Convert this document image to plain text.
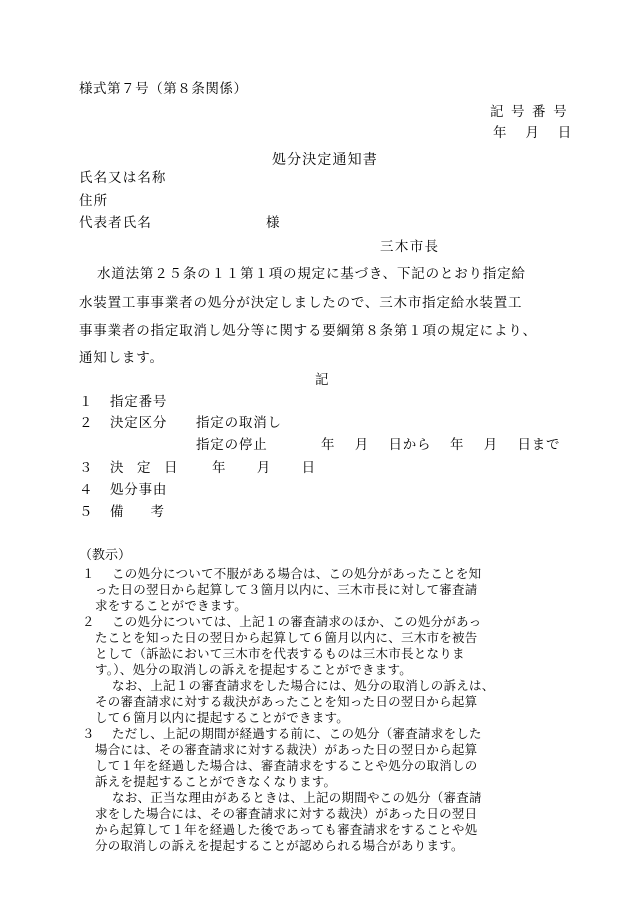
様式第７号（第８条関係）
記 号 番 号
年　月　日
処分決定通知書
氏名又は名称
住所
代表者氏名	様
三木市長
水道法第２５条の１１第１項の規定に基づき、下記のとおり指定給
水装置工事事業者の処分が決定しましたので、三木市指定給水装置工
事事業者の指定取消し処分等に関する要綱第８条第１項の規定により、
通知します。
記
１ 指定番号
２ 決定区分 指定の取消し
指定の停止	年　 月　 日から 年　 月　 日まで
３ 決　定　日	年　　 月　　 日
４ 処分事由
５ 備　　考
（教示）
１ この処分について不服がある場合は、この処分があったことを知
った日の翌日から起算して３箇月以内に、三木市長に対して審査請
求をすることができます。
２ この処分については、上記１の審査請求のほか、この処分があっ
たことを知った日の翌日から起算して６箇月以内に、三木市を被告
として（訴訟において三木市を代表するものは三木市長となりま
す。）、処分の取消しの訴えを提起することができます。
なお、上記１の審査請求をした場合には、処分の取消しの訴えは、
その審査請求に対する裁決があったことを知った日の翌日から起算
して６箇月以内に提起することができます。
３ ただし、上記の期間が経過する前に、この処分（審査請求をした
場合には、その審査請求に対する裁決）があった日の翌日から起算
して１年を経過した場合は、審査請求をすることや処分の取消しの
訴えを提起することができなくなります。
なお、正当な理由があるときは、上記の期間やこの処分（審査請
求をした場合には、その審査請求に対する裁決）があった日の翌日
から起算して１年を経過した後であっても審査請求をすることや処
分の取消しの訴えを提起することが認められる場合があります。
